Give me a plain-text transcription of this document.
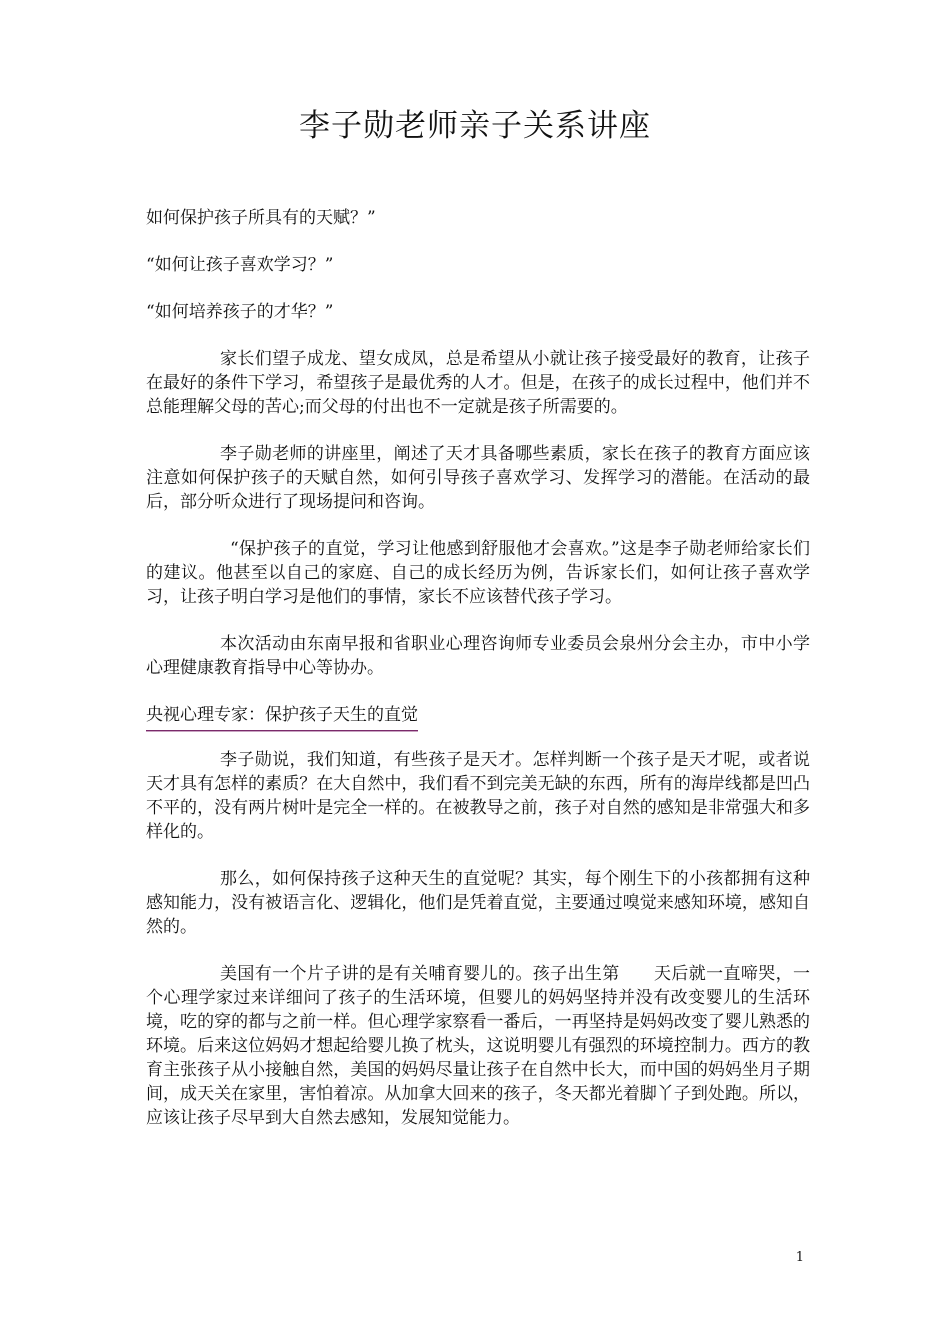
李子勋老师亲子关系讲座

如何保护孩子所具有的天赋？”

“如何让孩子喜欢学习？”

“如何培养孩子的才华？”

家长们望子成龙、望女成凤，总是希望从小就让孩子接受最好的教育，让孩子在最好的条件下学习，希望孩子是最优秀的人才。但是，在孩子的成长过程中，他们并不总能理解父母的苦心;而父母的付出也不一定就是孩子所需要的。

李子勋老师的讲座里，阐述了天才具备哪些素质，家长在孩子的教育方面应该注意如何保护孩子的天赋自然，如何引导孩子喜欢学习、发挥学习的潜能。在活动的最后，部分听众进行了现场提问和咨询。

“保护孩子的直觉，学习让他感到舒服他才会喜欢。”这是李子勋老师给家长们的建议。他甚至以自己的家庭、自己的成长经历为例，告诉家长们，如何让孩子喜欢学习，让孩子明白学习是他们的事情，家长不应该替代孩子学习。

本次活动由东南早报和省职业心理咨询师专业委员会泉州分会主办，市中小学心理健康教育指导中心等协办。

央视心理专家：保护孩子天生的直觉

李子勋说，我们知道，有些孩子是天才。怎样判断一个孩子是天才呢，或者说天才具有怎样的素质？在大自然中，我们看不到完美无缺的东西，所有的海岸线都是凹凸不平的，没有两片树叶是完全一样的。在被教导之前，孩子对自然的感知是非常强大和多样化的。

那么，如何保持孩子这种天生的直觉呢？其实，每个刚生下的小孩都拥有这种感知能力，没有被语言化、逻辑化，他们是凭着直觉，主要通过嗅觉来感知环境，感知自然的。

美国有一个片子讲的是有关哺育婴儿的。孩子出生第 天后就一直啼哭，一个心理学家过来详细问了孩子的生活环境，但婴儿的妈妈坚持并没有改变婴儿的生活环境，吃的穿的都与之前一样。但心理学家察看一番后，一再坚持是妈妈改变了婴儿熟悉的环境。后来这位妈妈才想起给婴儿换了枕头，这说明婴儿有强烈的环境控制力。西方的教育主张孩子从小接触自然，美国的妈妈尽量让孩子在自然中长大，而中国的妈妈坐月子期间，成天关在家里，害怕着凉。从加拿大回来的孩子，冬天都光着脚丫子到处跑。所以，应该让孩子尽早到大自然去感知，发展知觉能力。

1
